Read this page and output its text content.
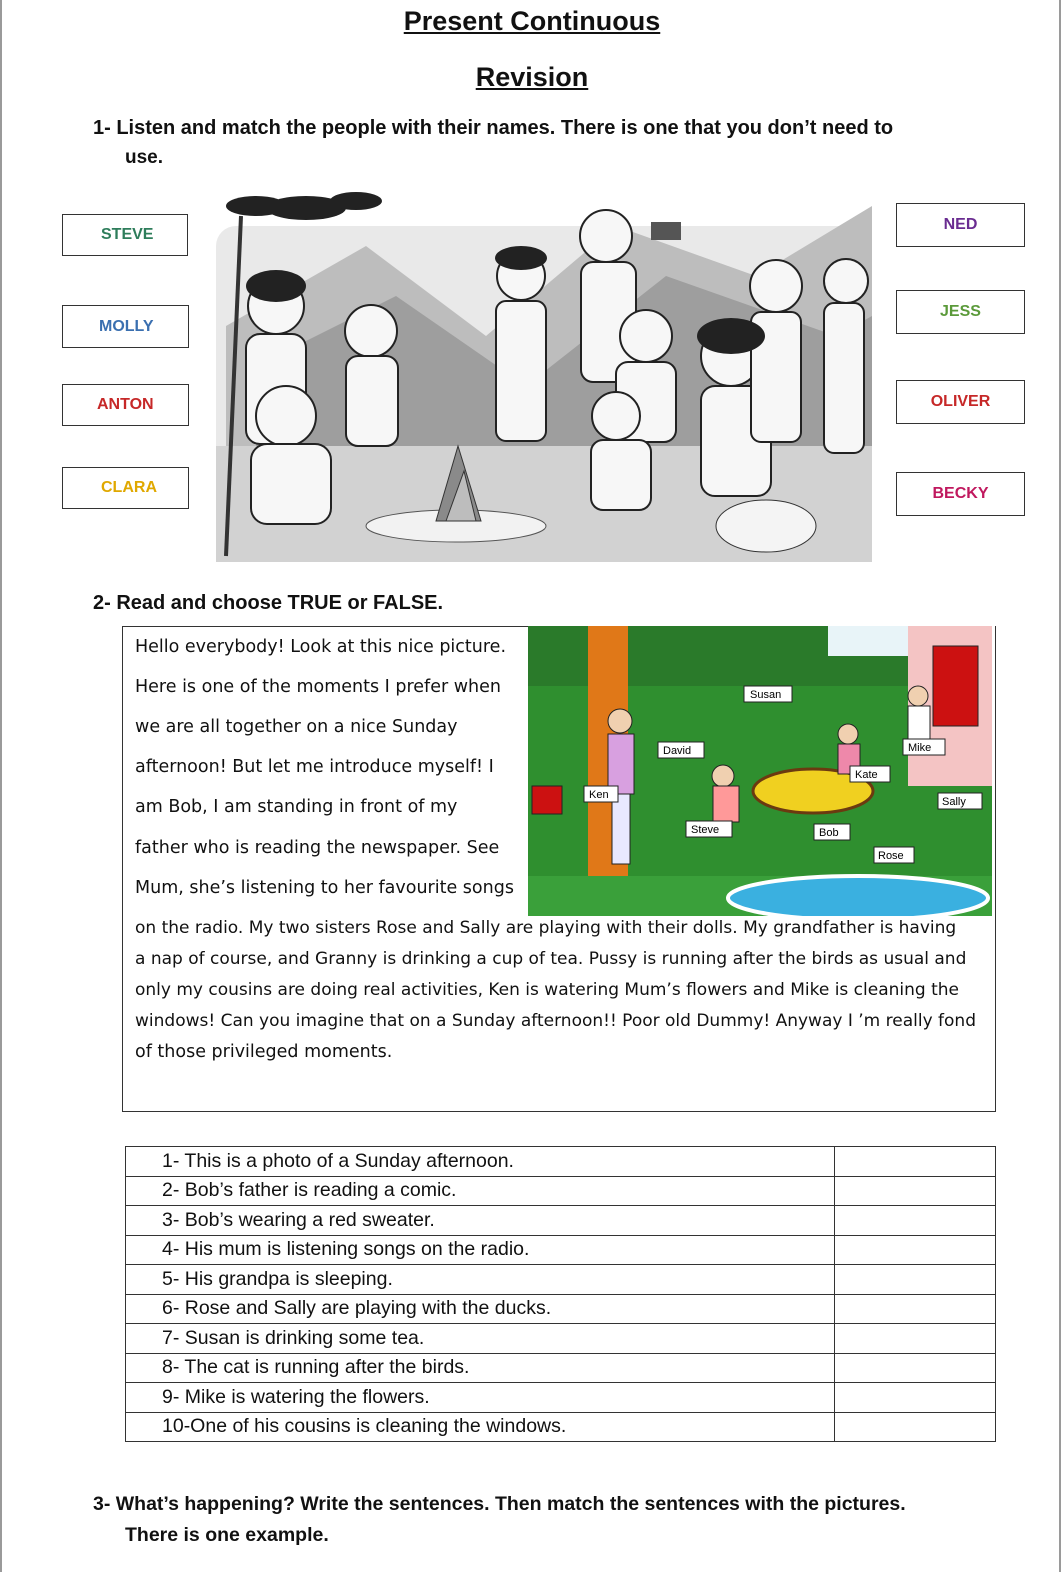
Present Continuous
Revision
1- Listen and match the people with their names. There is one that you don’t need to
use.
STEVE
MOLLY
ANTON
CLARA
NED
JESS
OLIVER
BECKY
2- Read and choose TRUE or FALSE.
Hello everybody! Look at this nice picture.
Here is one of the moments I prefer when
we are all together on a nice Sunday
afternoon! But let me introduce myself! I
am Bob, I am standing in front of my
father who is reading the newspaper. See
Mum, she’s listening to her favourite songs
on the radio. My two sisters Rose and Sally are playing with their dolls. My grandfather is having
a nap of course, and Granny is drinking a cup of tea. Pussy is running after the birds as usual and
only my cousins are doing real activities, Ken is watering Mum’s flowers and Mike is cleaning the
windows! Can you imagine that on a Sunday afternoon!! Poor old Dummy! Anyway I ’m really fond
of those privileged moments.
Susan
David	Mike
Kate
Ken
Sally
Steve	Bob
Rose
1- This is a photo of a Sunday afternoon.	
2- Bob’s father is reading a comic.	
3- Bob’s wearing a red sweater.	
4- His mum is listening songs on the radio.	
5- His grandpa is sleeping.	
6- Rose and Sally are playing with the ducks.	
7- Susan is drinking some tea.	
8- The cat is running after the birds.	
9- Mike is watering the flowers.	
10-One of his cousins is cleaning the windows.	
3- What’s happening? Write the sentences. Then match the sentences with the pictures.
There is one example.
